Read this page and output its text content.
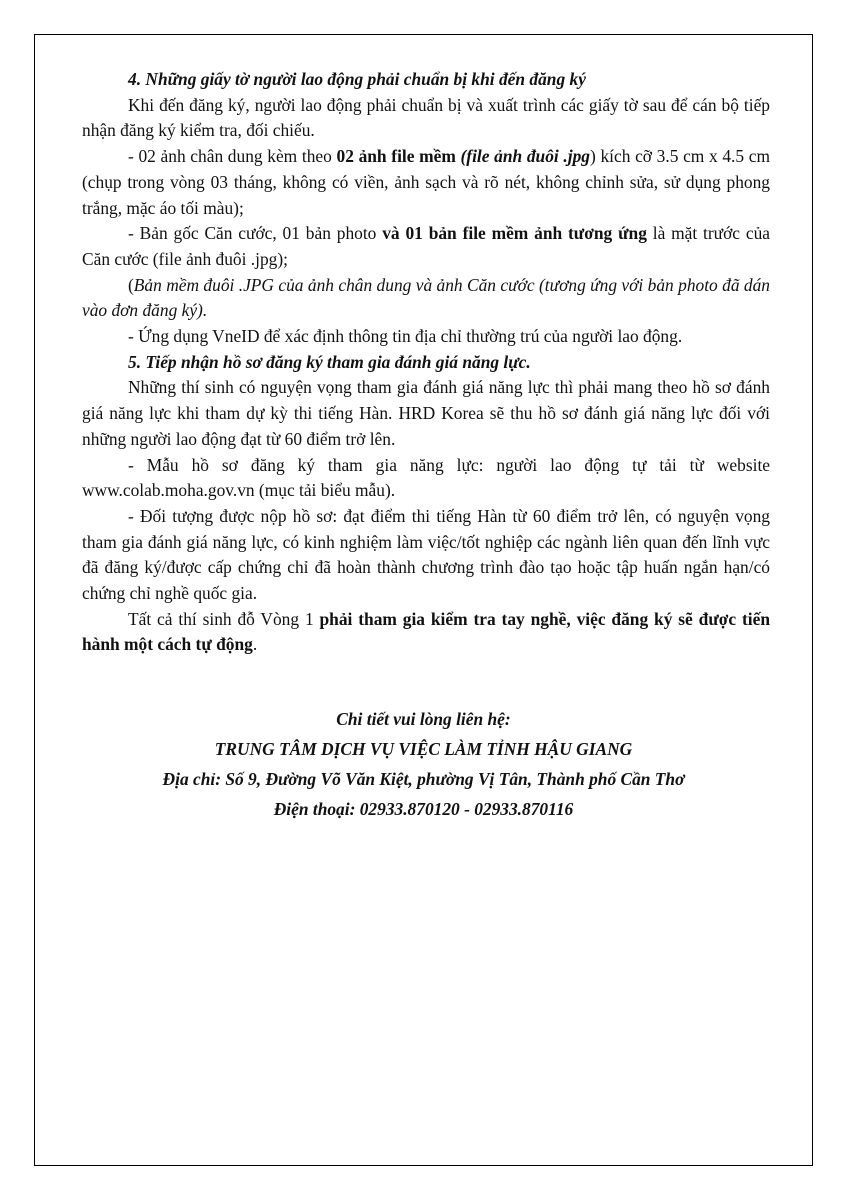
4. Những giấy tờ người lao động phải chuẩn bị khi đến đăng ký

Khi đến đăng ký, người lao động phải chuẩn bị và xuất trình các giấy tờ sau để cán bộ tiếp nhận đăng ký kiểm tra, đối chiếu.

- 02 ảnh chân dung kèm theo 02 ảnh file mềm (file ảnh đuôi .jpg) kích cỡ 3.5 cm x 4.5 cm (chụp trong vòng 03 tháng, không có viền, ảnh sạch và rõ nét, không chỉnh sửa, sử dụng phong trắng, mặc áo tối màu);

- Bản gốc Căn cước, 01 bản photo và 01 bản file mềm ảnh tương ứng là mặt trước của Căn cước (file ảnh đuôi .jpg);

(Bản mềm đuôi .JPG của ảnh chân dung và ảnh Căn cước (tương ứng với bản photo đã dán vào đơn đăng ký).

- Ứng dụng VneID để xác định thông tin địa chỉ thường trú của người lao động.

5. Tiếp nhận hồ sơ đăng ký tham gia đánh giá năng lực.

Những thí sinh có nguyện vọng tham gia đánh giá năng lực thì phải mang theo hồ sơ đánh giá năng lực khi tham dự kỳ thi tiếng Hàn. HRD Korea sẽ thu hồ sơ đánh giá năng lực đối với những người lao động đạt từ 60 điểm trở lên.

- Mẫu hồ sơ đăng ký tham gia năng lực: người lao động tự tải từ website www.colab.moha.gov.vn (mục tải biểu mẫu).

- Đối tượng được nộp hồ sơ: đạt điểm thi tiếng Hàn từ 60 điểm trở lên, có nguyện vọng tham gia đánh giá năng lực, có kinh nghiệm làm việc/tốt nghiệp các ngành liên quan đến lĩnh vực đã đăng ký/được cấp chứng chỉ đã hoàn thành chương trình đào tạo hoặc tập huấn ngắn hạn/có chứng chỉ nghề quốc gia.

Tất cả thí sinh đỗ Vòng 1 phải tham gia kiểm tra tay nghề, việc đăng ký sẽ được tiến hành một cách tự động.

Chi tiết vui lòng liên hệ:
TRUNG TÂM DỊCH VỤ VIỆC LÀM TỈNH HẬU GIANG
Địa chỉ: Số 9, Đường Võ Văn Kiệt, phường Vị Tân, Thành phố Cần Thơ
Điện thoại: 02933.870120 - 02933.870116
